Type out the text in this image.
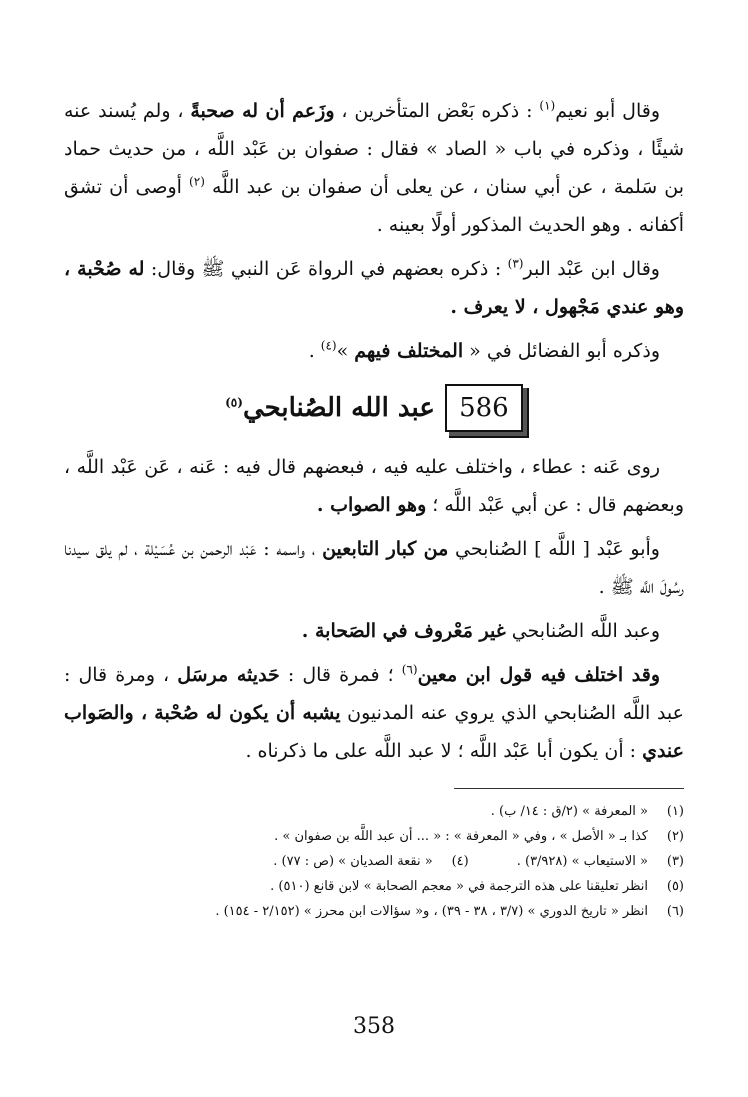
وقال أبو نعيم$^{(١)}$ : ذكره بَعْض المتأخرين ، وزَعم أن له صحبةً ، ولم يُسند عنه شيئًا ، وذكره في باب « الصاد » فقال : صفوان بن عَبْد اللَّه ، من حديث حماد بن سَلمة ، عن أبي سنان ، عن يعلى أن صفوان بن عبد اللَّه $^{(٢)}$ أوصى أن تشق أكفانه . وهو الحديث المذكور أولًا بعينه .

وقال ابن عَبْد البر$^{(٣)}$ : ذكره بعضهم في الرواة عَن النبي ﷺ وقال: له صُحْبة ، وهو عندي مَجْهول ، لا يعرف .

وذكره أبو الفضائل في « المختلف فيهم »$^{(٤)}$ .

586
عبد الله الصُنابحي$^{(٥)}$

روى عَنه : عطاء ، واختلف عليه فيه ، فبعضهم قال فيه : عَنه ، عَن عَبْد اللَّه ، وبعضهم قال : عن أبي عَبْد اللَّه ؛ وهو الصواب .

وأبو عَبْد [ اللَّه ] الصُنابحي من كبار التابعين ، واسمه : عَبْد الرحمن بن عُسَيْلة ، لم يلق سيدنا رسُولَ اللَّه ﷺ .

وعبد اللَّه الصُنابحي غير مَعْروف في الصَحابة .

وقد اختلف فيه قول ابن معين$^{(٦)}$ ؛ فمرة قال : حَديثه مرسَل ، ومرة قال : عبد اللَّه الصُنابحي الذي يروي عنه المدنيون يشبه أن يكون له صُحْبة ، والصَواب عندي : أن يكون أبا عَبْد اللَّه ؛ لا عبد اللَّه على ما ذكرناه .

(١)
« المعرفة » (٢/ق : ١٤/ ب) .
(٢)
كذا بـ « الأصل » ، وفي « المعرفة » : « ... أن عبد اللَّه بن صفوان » .
(٣)
« الاستيعاب » (٣/٩٢٨) .
(٤)
« نقعة الصديان » (ص : ٧٧) .
(٥)
انظر تعليقنا على هذه الترجمة في « معجم الصحابة » لابن قانع (٥١٠) .
(٦)
انظر « تاريخ الدوري » (٣/٧ ، ٣٨ - ٣٩) ، و« سؤالات ابن محرز » (٢/١٥٢ - ١٥٤) .
358
